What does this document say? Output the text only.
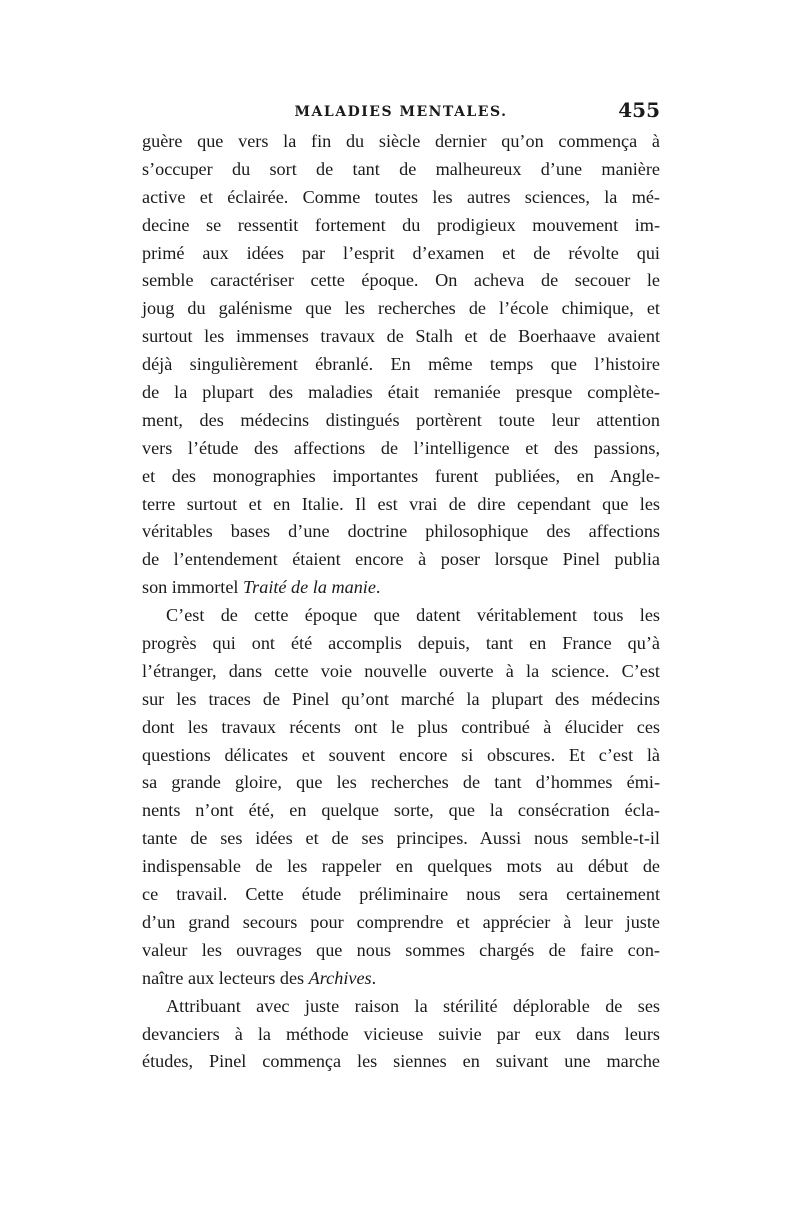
MALADIES MENTALES.	455
guère que vers la fin du siècle dernier qu’on commença à
s’occuper du sort de tant de malheureux d’une manière
active et éclairée. Comme toutes les autres sciences, la mé-
decine se ressentit fortement du prodigieux mouvement im-
primé aux idées par l’esprit d’examen et de révolte qui
semble caractériser cette époque. On acheva de secouer le
joug du galénisme que les recherches de l’école chimique, et
surtout les immenses travaux de Stalh et de Boerhaave avaient
déjà singulièrement ébranlé. En même temps que l’histoire
de la plupart des maladies était remaniée presque complète-
ment, des médecins distingués portèrent toute leur attention
vers l’étude des affections de l’intelligence et des passions,
et des monographies importantes furent publiées, en Angle-
terre surtout et en Italie. Il est vrai de dire cependant que les
véritables bases d’une doctrine philosophique des affections
de l’entendement étaient encore à poser lorsque Pinel publia
son immortel Traité de la manie.
C’est de cette époque que datent véritablement tous les
progrès qui ont été accomplis depuis, tant en France qu’à
l’étranger, dans cette voie nouvelle ouverte à la science. C’est
sur les traces de Pinel qu’ont marché la plupart des médecins
dont les travaux récents ont le plus contribué à élucider ces
questions délicates et souvent encore si obscures. Et c’est là
sa grande gloire, que les recherches de tant d’hommes émi-
nents n’ont été, en quelque sorte, que la consécration écla-
tante de ses idées et de ses principes. Aussi nous semble-t-il
indispensable de les rappeler en quelques mots au début de
ce travail. Cette étude préliminaire nous sera certainement
d’un grand secours pour comprendre et apprécier à leur juste
valeur les ouvrages que nous sommes chargés de faire con-
naître aux lecteurs des Archives.
Attribuant avec juste raison la stérilité déplorable de ses
devanciers à la méthode vicieuse suivie par eux dans leurs
études, Pinel commença les siennes en suivant une marche
